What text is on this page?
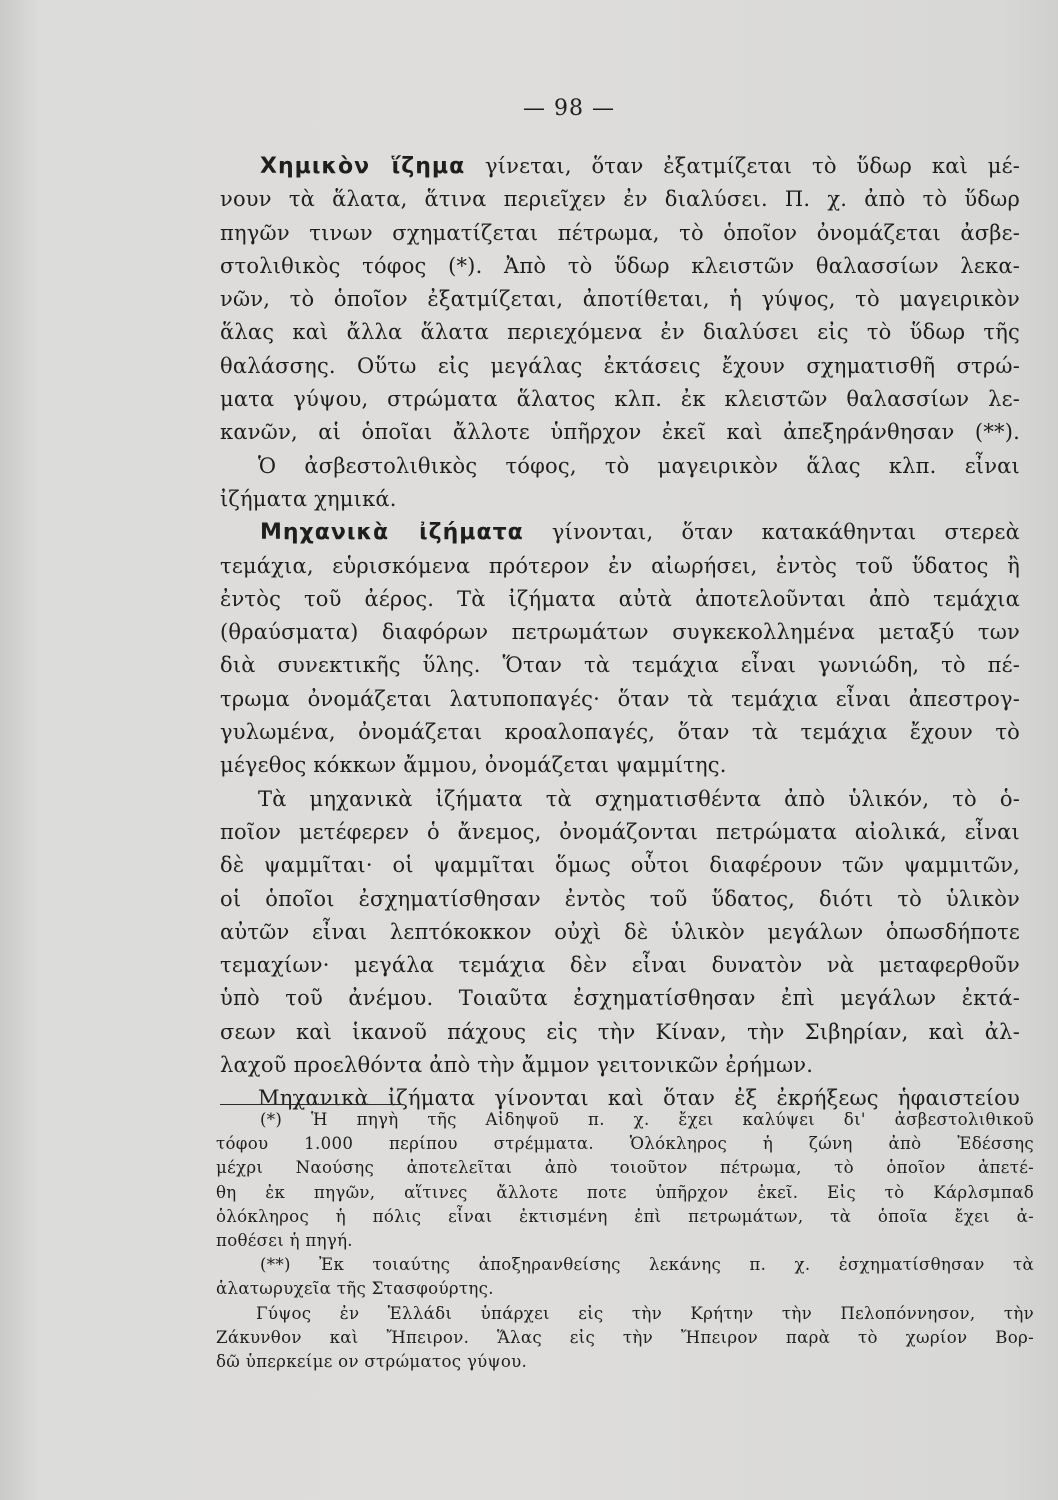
— 98 —
Χημικὸν ἵζημα γίνεται, ὅταν ἐξατμίζεται τὸ ὕδωρ καὶ μέ-
νουν τὰ ἅλατα, ἅτινα περιεῖχεν ἐν διαλύσει. Π. χ. ἀπὸ τὸ ὕδωρ
πηγῶν τινων σχηματίζεται πέτρωμα, τὸ ὁποῖον ὀνομάζεται ἀσβε-
στολιθικὸς τόφος (*). Ἀπὸ τὸ ὕδωρ κλειστῶν θαλασσίων λεκα-
νῶν, τὸ ὁποῖον ἐξατμίζεται, ἀποτίθεται, ἡ γύψος, τὸ μαγειρικὸν
ἅλας καὶ ἄλλα ἅλατα περιεχόμενα ἐν διαλύσει εἰς τὸ ὕδωρ τῆς
θαλάσσης. Οὕτω εἰς μεγάλας ἐκτάσεις ἔχουν σχηματισθῆ στρώ-
ματα γύψου, στρώματα ἅλατος κλπ. ἐκ κλειστῶν θαλασσίων λε-
κανῶν, αἱ ὁποῖαι ἄλλοτε ὑπῆρχον ἐκεῖ καὶ ἀπεξηράνθησαν (**).
Ὁ ἀσβεστολιθικὸς τόφος, τὸ μαγειρικὸν ἅλας κλπ. εἶναι
ἰζήματα χημικά.
Μηχανικὰ ἰζήματα γίνονται, ὅταν κατακάθηνται στερεὰ
τεμάχια, εὑρισκόμενα πρότερον ἐν αἰωρήσει, ἐντὸς τοῦ ὕδατος ἢ
ἐντὸς τοῦ ἀέρος. Τὰ ἰζήματα αὐτὰ ἀποτελοῦνται ἀπὸ τεμάχια
(θραύσματα) διαφόρων πετρωμάτων συγκεκολλημένα μεταξύ των
διὰ συνεκτικῆς ὕλης. Ὅταν τὰ τεμάχια εἶναι γωνιώδη, τὸ πέ-
τρωμα ὀνομάζεται λατυποπαγές· ὅταν τὰ τεμάχια εἶναι ἀπεστρογ-
γυλωμένα, ὀνομάζεται κροαλοπαγές, ὅταν τὰ τεμάχια ἔχουν τὸ
μέγεθος κόκκων ἄμμου, ὀνομάζεται ψαμμίτης.
Τὰ μηχανικὰ ἰζήματα τὰ σχηματισθέντα ἀπὸ ὑλικόν, τὸ ὁ-
ποῖον μετέφερεν ὁ ἄνεμος, ὀνομάζονται πετρώματα αἰολικά, εἶναι
δὲ ψαμμῖται· οἱ ψαμμῖται ὅμως οὗτοι διαφέρουν τῶν ψαμμιτῶν,
οἱ ὁποῖοι ἐσχηματίσθησαν ἐντὸς τοῦ ὕδατος, διότι τὸ ὑλικὸν
αὐτῶν εἶναι λεπτόκοκκον οὐχὶ δὲ ὑλικὸν μεγάλων ὁπωσδήποτε
τεμαχίων· μεγάλα τεμάχια δὲν εἶναι δυνατὸν νὰ μεταφερθοῦν
ὑπὸ τοῦ ἀνέμου. Τοιαῦτα ἐσχηματίσθησαν ἐπὶ μεγάλων ἐκτά-
σεων καὶ ἱκανοῦ πάχους εἰς τὴν Κίναν, τὴν Σιβηρίαν, καὶ ἀλ-
λαχοῦ προελθόντα ἀπὸ τὴν ἄμμον γειτονικῶν ἐρήμων.
Μηχανικὰ ἰζήματα γίνονται καὶ ὅταν ἐξ ἐκρήξεως ἡφαιστείου
(*) Ἡ πηγὴ τῆς Αἰδηψοῦ π. χ. ἔχει καλύψει δι' ἀσβεστολιθικοῦ
τόφου 1.000 περίπου στρέμματα. Ὁλόκληρος ἡ ζώνη ἀπὸ Ἐδέσσης
μέχρι Ναούσης ἀποτελεῖται ἀπὸ τοιοῦτον πέτρωμα, τὸ ὁποῖον ἀπετέ-
θη ἐκ πηγῶν, αἵτινες ἄλλοτε ποτε ὑπῆρχον ἐκεῖ. Εἰς τὸ Κάρλσμπαδ
ὁλόκληρος ἡ πόλις εἶναι ἐκτισμένη ἐπὶ πετρωμάτων, τὰ ὁποῖα ἔχει ἀ-
ποθέσει ἡ πηγή.
(**) Ἐκ τοιαύτης ἀποξηρανθείσης λεκάνης π. χ. ἐσχηματίσθησαν τὰ
ἁλατωρυχεῖα τῆς Στασφούρτης.
Γύψος ἐν Ἑλλάδι ὑπάρχει εἰς τὴν Κρήτην τὴν Πελοπόννησον, τὴν
Ζάκυνθον καὶ Ἤπειρον. Ἅλας εἰς τὴν Ἤπειρον παρὰ τὸ χωρίον Βορ-
δῶ ὑπερκείμε ον στρώματος γύψου.
